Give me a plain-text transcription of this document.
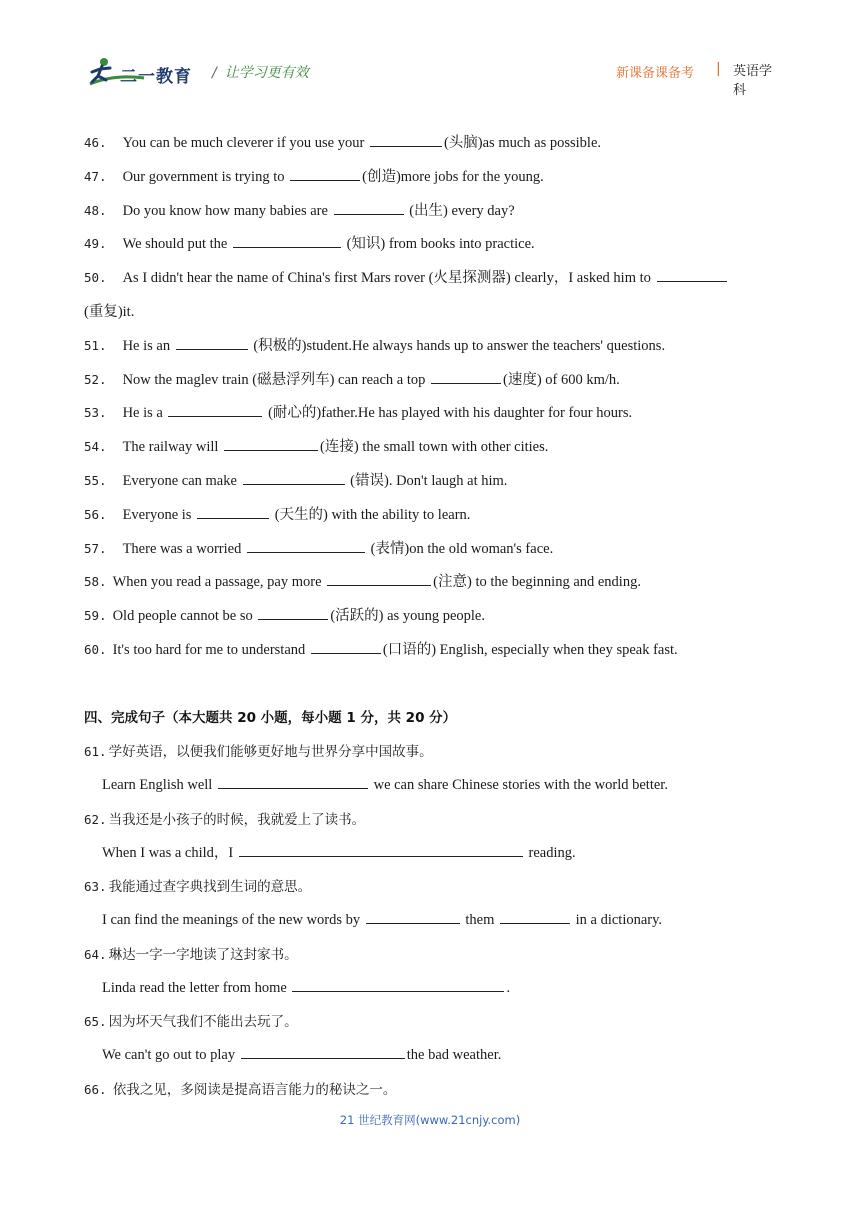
二一教育 / 让学习更有效	新课备课备考 | 英语学科
46. You can be much cleverer if you use your	(头脑)as much as possible.
47. Our government is trying to	(创造)more jobs for the young.
48. Do you know how many babies are	(出生) every day?
49. We should put the	(知识) from books into practice.
50. As I didn't hear the name of China's first Mars rover (火星探测器) clearly，I asked him to
(重复)it.
51. He is an	(积极的)student.He always hands up to answer the teachers' questions.
52. Now the maglev train (磁悬浮列车) can reach a top	(速度) of 600 km/h.
53. He is a	(耐心的)father.He has played with his daughter for four hours.
54. The railway will	(连接) the small town with other cities.
55. Everyone can make	(错误). Don't laugh at him.
56. Everyone is	(天生的) with the ability to learn.
57. There was a worried	(表情)on the old woman's face.
58. When you read a passage, pay more	(注意) to the beginning and ending.
59. Old people cannot be so	(活跃的) as young people.
60. It's too hard for me to understand	(口语的) English, especially when they speak fast.
四、完成句子（本大题共 20 小题，每小题 1 分，共 20 分）
61. 学好英语，以便我们能够更好地与世界分享中国故事。
Learn English well	we can share Chinese stories with the world better.
62. 当我还是小孩子的时候，我就爱上了读书。
When I was a child，I	reading.
63. 我能通过查字典找到生词的意思。
I can find the meanings of the new words by	them	in a dictionary.
64. 琳达一字一字地读了这封家书。
Linda read the letter from home	.
65. 因为坏天气我们不能出去玩了。
We can't go out to play	the bad weather.
66. 依我之见，多阅读是提高语言能力的秘诀之一。
21 世纪教育网(www.21cnjy.com)
